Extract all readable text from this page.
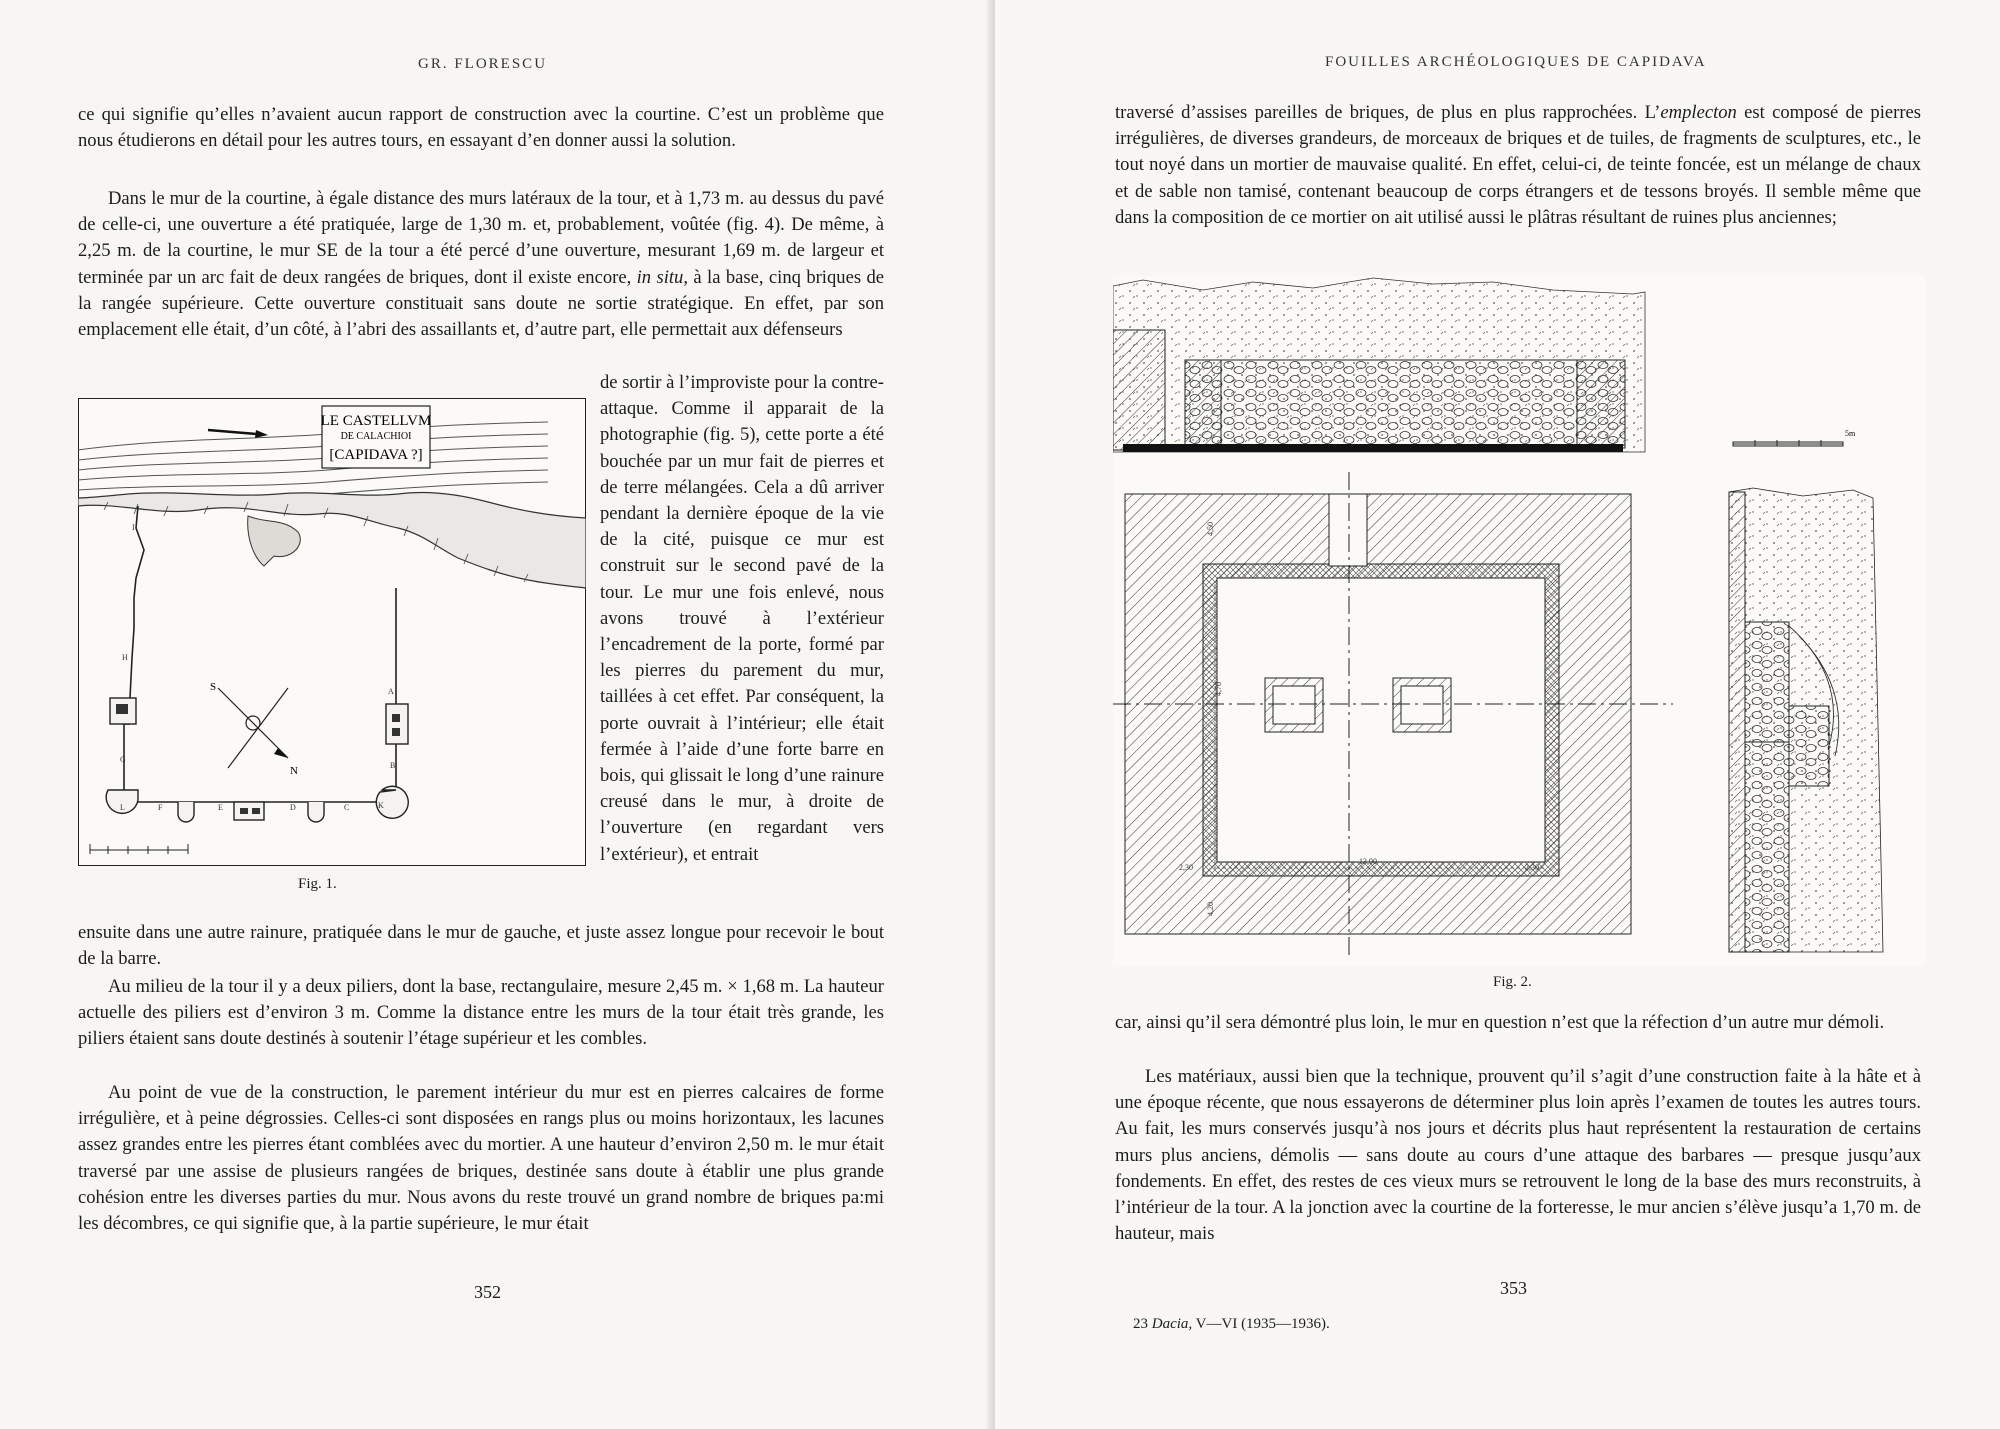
GR. FLORESCU
ce qui signifie qu’elles n’avaient aucun rapport de construction avec la courtine. C’est un problème que nous étudierons en détail pour les autres tours, en essayant d’en donner aussi la solution.
Dans le mur de la courtine, à égale distance des murs latéraux de la tour, et à 1,73 m. au dessus du pavé de celle-ci, une ouverture a été pratiquée, large de 1,30 m. et, probablement, voûtée (fig. 4). De même, à 2,25 m. de la courtine, le mur SE de la tour a été percé d’une ouverture, mesurant 1,69 m. de largeur et terminée par un arc fait de deux rangées de briques, dont il existe encore, in situ, à la base, cinq briques de la rangée supérieure. Cette ouverture constituait sans doute ne sortie stratégique. En effet, par son emplacement elle était, d’un côté, à l’abri des assaillants et, d’autre part, elle permettait aux défenseurs
LE CASTELLVM
DE CALACHIOI
[CAPIDAVA ?]
I
H
G
F	E	D	C
B
A
K
L
S
N
Fig. 1.
de sortir à l’improviste pour la contre-attaque. Comme il apparait de la photographie (fig. 5), cette porte a été bouchée par un mur fait de pierres et de terre mélangées. Cela a dû arriver pendant la dernière époque de la vie de la cité, puisque ce mur est construit sur le second pavé de la tour. Le mur une fois enlevé, nous avons trouvé à l’extérieur l’encadrement de la porte, formé par les pierres du parement du mur, taillées à cet effet. Par conséquent, la porte ouvrait à l’intérieur; elle était fermée à l’aide d’une forte barre en bois, qui glissait le long d’une rainure creusé dans le mur, à droite de l’ouverture (en regardant vers l’extérieur), et entrait
ensuite dans une autre rainure, pratiquée dans le mur de gauche, et juste assez longue pour recevoir le bout de la barre.
Au milieu de la tour il y a deux piliers, dont la base, rectangulaire, mesure 2,45 m. × 1,68 m. La hauteur actuelle des piliers est d’environ 3 m. Comme la distance entre les murs de la tour était très grande, les piliers étaient sans doute destinés à soutenir l’étage supérieur et les combles.
Au point de vue de la construction, le parement intérieur du mur est en pierres calcaires de forme irrégulière, et à peine dégrossies. Celles-ci sont disposées en rangs plus ou moins horizontaux, les lacunes assez grandes entre les pierres étant comblées avec du mortier. A une hauteur d’environ 2,50 m. le mur était traversé par une assise de plusieurs rangées de briques, destinée sans doute à établir une plus grande cohésion entre les diverses parties du mur. Nous avons du reste trouvé un grand nombre de briques pa:mi les décombres, ce qui signifie que, à la partie supérieure, le mur était
352
FOUILLES ARCHÉOLOGIQUES DE CAPIDAVA
traversé d’assises pareilles de briques, de plus en plus rapprochées. L’emplecton est composé de pierres irrégulières, de diverses grandeurs, de morceaux de briques et de tuiles, de fragments de sculptures, etc., le tout noyé dans un mortier de mauvaise qualité. En effet, celui-ci, de teinte foncée, est un mélange de chaux et de sable non tamisé, contenant beaucoup de corps étrangers et de tessons broyés. Il semble même que dans la composition de ce mortier on ait utilisé aussi le plâtras résultant de ruines plus anciennes;
5m
4,50
4,70
4,20
13,90
2,30	2,30
Fig. 2.
car, ainsi qu’il sera démontré plus loin, le mur en question n’est que la réfection d’un autre mur démoli.
Les matériaux, aussi bien que la technique, prouvent qu’il s’agit d’une construction faite à la hâte et à une époque récente, que nous essayerons de déterminer plus loin après l’examen de toutes les autres tours. Au fait, les murs conservés jusqu’à nos jours et décrits plus haut représentent la restauration de certains murs plus anciens, démolis — sans doute au cours d’une attaque des barbares — presque jusqu’aux fondements. En effet, des restes de ces vieux murs se retrouvent le long de la base des murs reconstruits, à l’intérieur de la tour. A la jonction avec la courtine de la forteresse, le mur ancien s’élève jusqu’a 1,70 m. de hauteur, mais
353
23 Dacia, V—VI (1935—1936).
